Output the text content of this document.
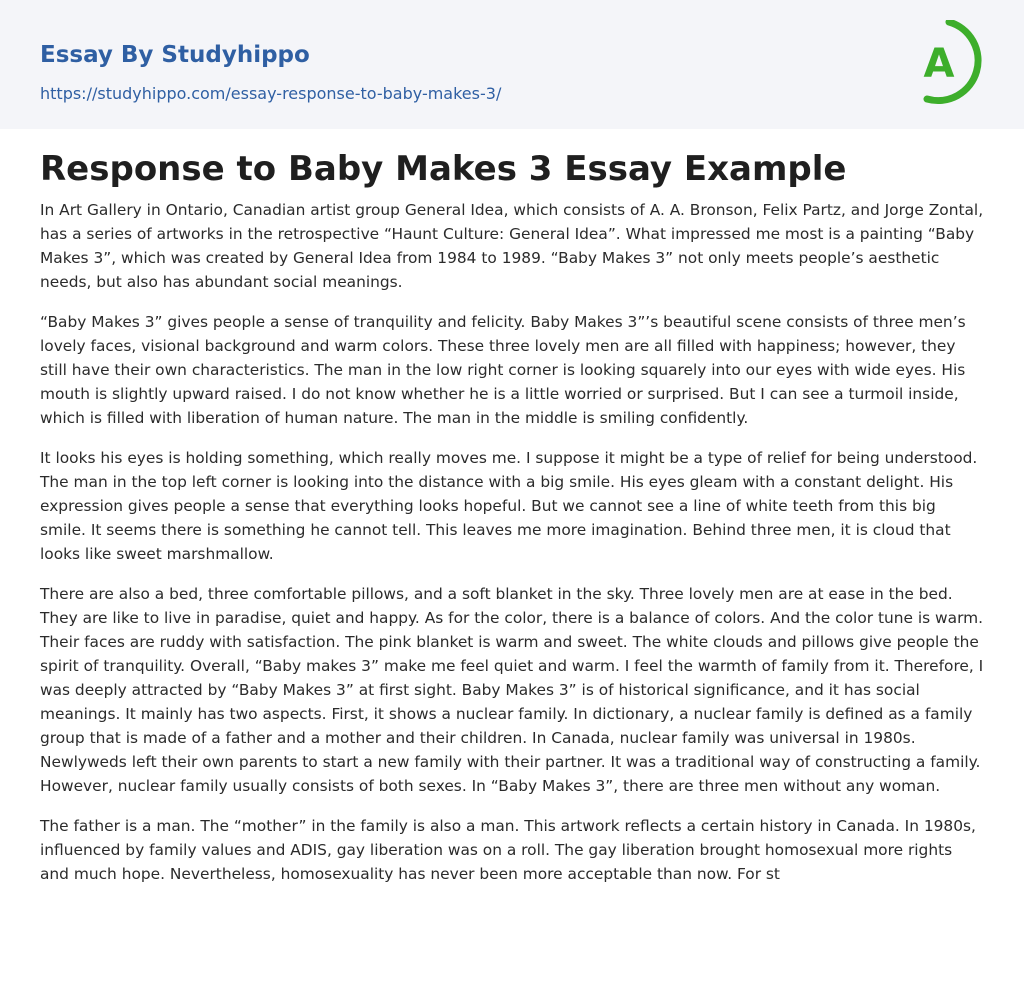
Essay By Studyhippo
https://studyhippo.com/essay-response-to-baby-makes-3/
A
Response to Baby Makes 3 Essay Example

In Art Gallery in Ontario, Canadian artist group General Idea, which consists of A. A. Bronson, Felix Partz, and Jorge Zontal, has a series of artworks in the retrospective “Haunt Culture: General Idea”. What impressed me most is a painting “Baby Makes 3”, which was created by General Idea from 1984 to 1989. “Baby Makes 3” not only meets people’s aesthetic needs, but also has abundant social meanings.

“Baby Makes 3” gives people a sense of tranquility and felicity. Baby Makes 3”’s beautiful scene consists of three men’s lovely faces, visional background and warm colors. These three lovely men are all filled with happiness; however, they still have their own characteristics. The man in the low right corner is looking squarely into our eyes with wide eyes. His mouth is slightly upward raised. I do not know whether he is a little worried or surprised. But I can see a turmoil inside, which is filled with liberation of human nature. The man in the middle is smiling confidently.

It looks his eyes is holding something, which really moves me. I suppose it might be a type of relief for being understood. The man in the top left corner is looking into the distance with a big smile. His eyes gleam with a constant delight. His expression gives people a sense that everything looks hopeful. But we cannot see a line of white teeth from this big smile. It seems there is something he cannot tell. This leaves me more imagination. Behind three men, it is cloud that looks like sweet marshmallow.

There are also a bed, three comfortable pillows, and a soft blanket in the sky. Three lovely men are at ease in the bed. They are like to live in paradise, quiet and happy. As for the color, there is a balance of colors. And the color tune is warm. Their faces are ruddy with satisfaction. The pink blanket is warm and sweet. The white clouds and pillows give people the spirit of tranquility. Overall, “Baby makes 3” make me feel quiet and warm. I feel the warmth of family from it. Therefore, I was deeply attracted by “Baby Makes 3” at first sight. Baby Makes 3” is of historical significance, and it has social meanings. It mainly has two aspects. First, it shows a nuclear family. In dictionary, a nuclear family is defined as a family group that is made of a father and a mother and their children. In Canada, nuclear family was universal in 1980s. Newlyweds left their own parents to start a new family with their partner. It was a traditional way of constructing a family. However, nuclear family usually consists of both sexes. In “Baby Makes 3”, there are three men without any woman.

The father is a man. The “mother” in the family is also a man. This artwork reflects a certain history in Canada. In 1980s, influenced by family values and ADIS, gay liberation was on a roll. The gay liberation brought homosexual more rights and much hope. Nevertheless, homosexuality has never been more acceptable than now. For st
